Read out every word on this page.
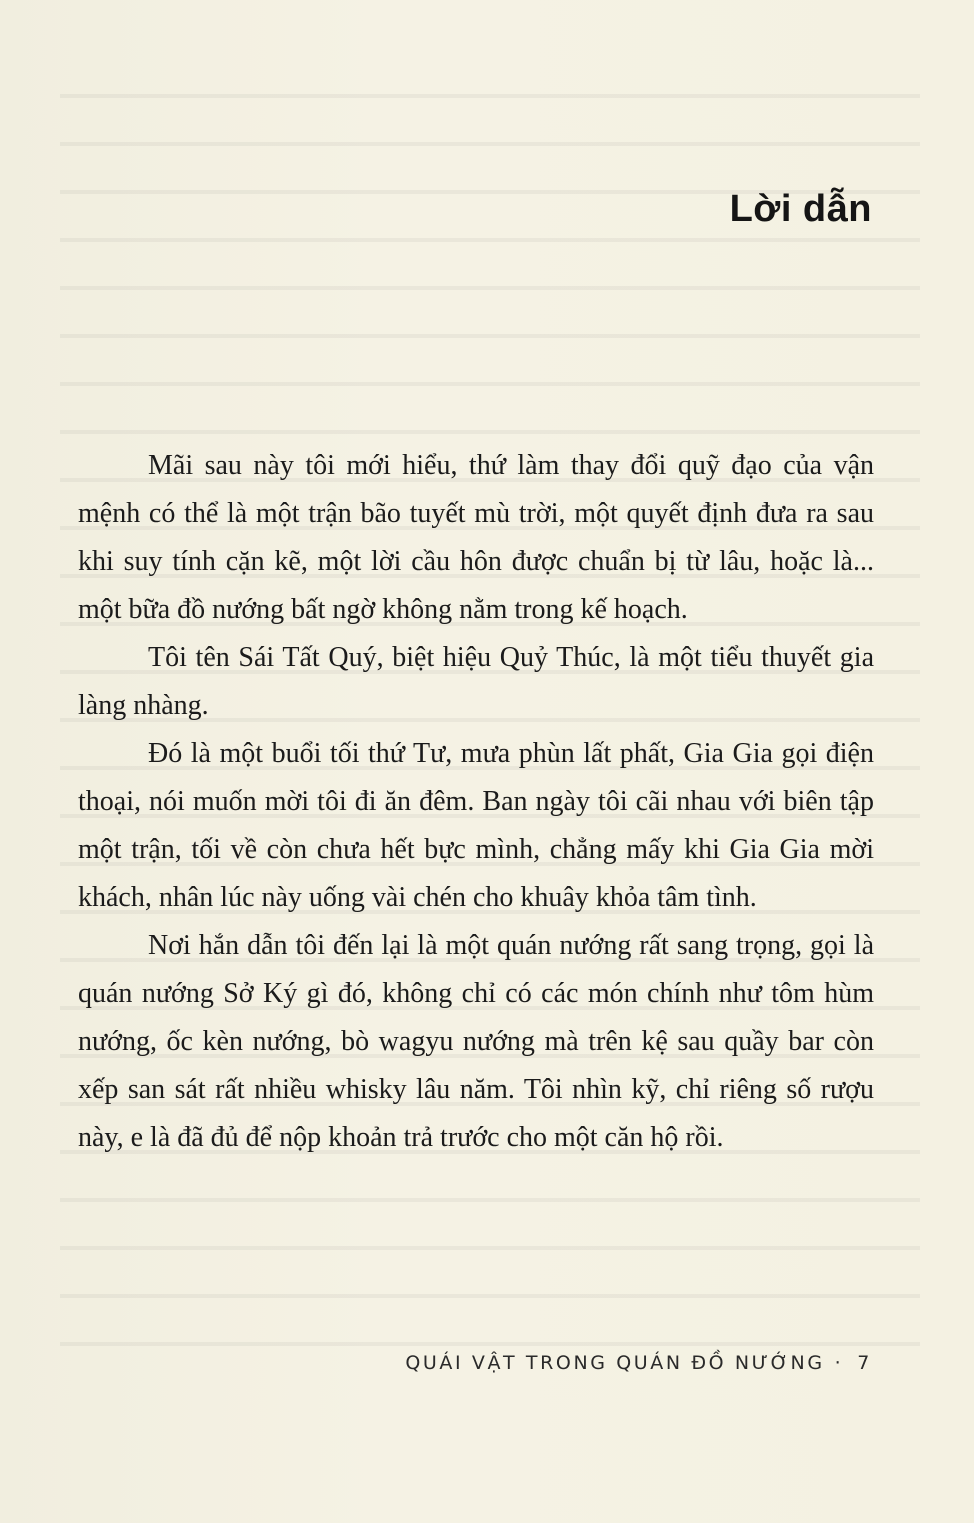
Lời dẫn

Mãi sau này tôi mới hiểu, thứ làm thay đổi quỹ đạo của vận mệnh có thể là một trận bão tuyết mù trời, một quyết định đưa ra sau khi suy tính cặn kẽ, một lời cầu hôn được chuẩn bị từ lâu, hoặc là... một bữa đồ nướng bất ngờ không nằm trong kế hoạch.

Tôi tên Sái Tất Quý, biệt hiệu Quỷ Thúc, là một tiểu thuyết gia làng nhàng.

Đó là một buổi tối thứ Tư, mưa phùn lất phất, Gia Gia gọi điện thoại, nói muốn mời tôi đi ăn đêm. Ban ngày tôi cãi nhau với biên tập một trận, tối về còn chưa hết bực mình, chẳng mấy khi Gia Gia mời khách, nhân lúc này uống vài chén cho khuây khỏa tâm tình.

Nơi hắn dẫn tôi đến lại là một quán nướng rất sang trọng, gọi là quán nướng Sở Ký gì đó, không chỉ có các món chính như tôm hùm nướng, ốc kèn nướng, bò wagyu nướng mà trên kệ sau quầy bar còn xếp san sát rất nhiều whisky lâu năm. Tôi nhìn kỹ, chỉ riêng số rượu này, e là đã đủ để nộp khoản trả trước cho một căn hộ rồi.

QUÁI VẬT TRONG QUÁN ĐỒ NƯỚNG · 7
